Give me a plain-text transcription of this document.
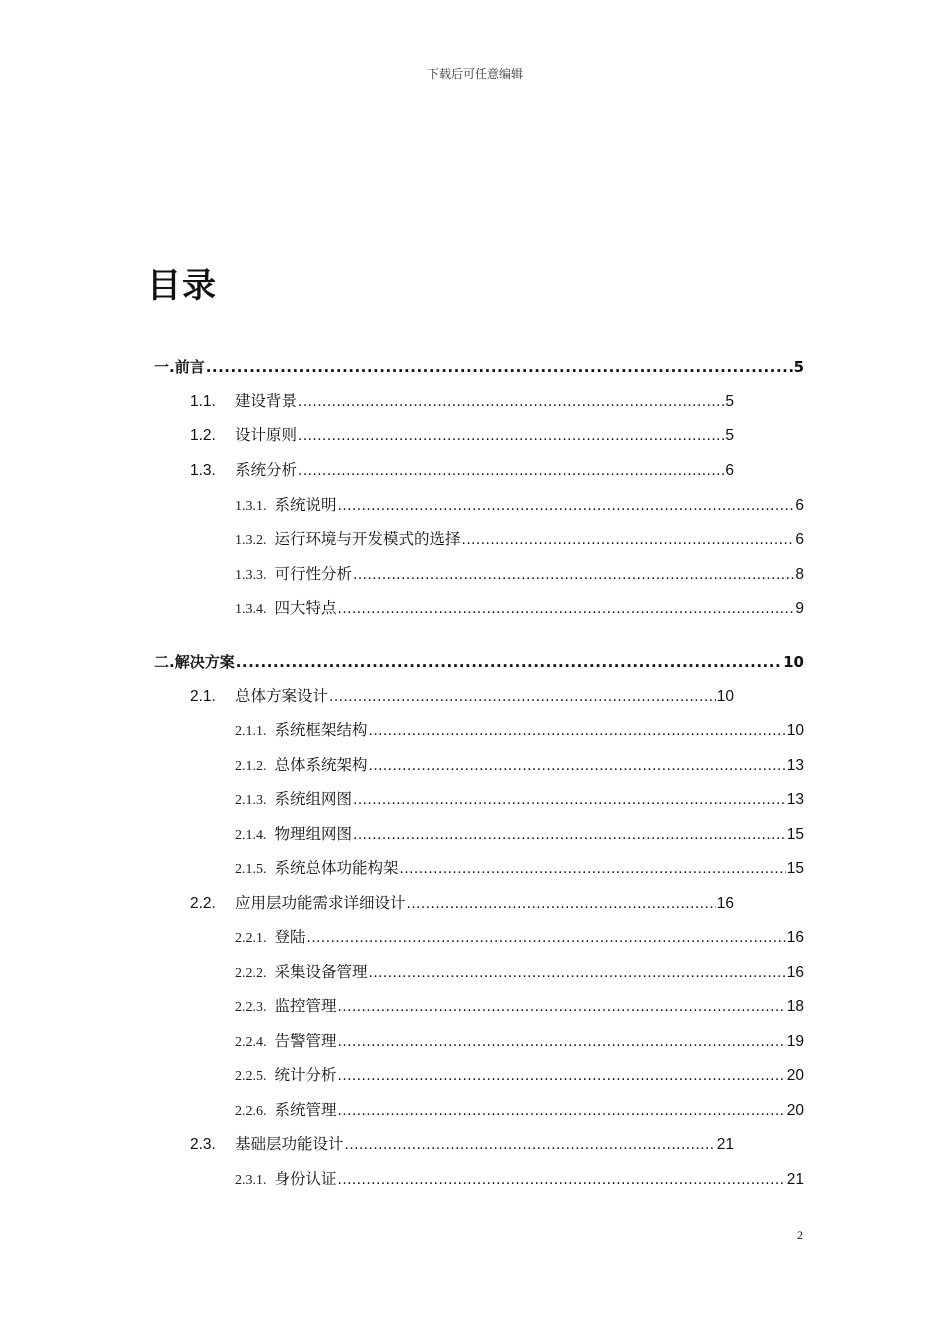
下载后可任意编辑
目录
一.前言 .....	5
1.1.	建设背景 .....	5
1.2.	设计原则 .....	5
1.3.	系统分析 .....	6
1.3.1. 系统说明 .....	6
1.3.2. 运行环境与开发模式的选择 .....	6
1.3.3. 可行性分析 .....	8
1.3.4. 四大特点 .....	9
二.解决方案 .....	10
2.1.	总体方案设计 .....	10
2.1.1. 系统框架结构 .....	10
2.1.2. 总体系统架构 .....	13
2.1.3. 系统组网图 .....	13
2.1.4. 物理组网图 .....	15
2.1.5. 系统总体功能构架 .....	15
2.2.	应用层功能需求详细设计 .....	16
2.2.1. 登陆 .....	16
2.2.2. 采集设备管理 .....	16
2.2.3. 监控管理 .....	18
2.2.4. 告警管理 .....	19
2.2.5. 统计分析 .....	20
2.2.6. 系统管理 .....	20
2.3.	基础层功能设计 .....	21
2.3.1. 身份认证 .....	21
2
